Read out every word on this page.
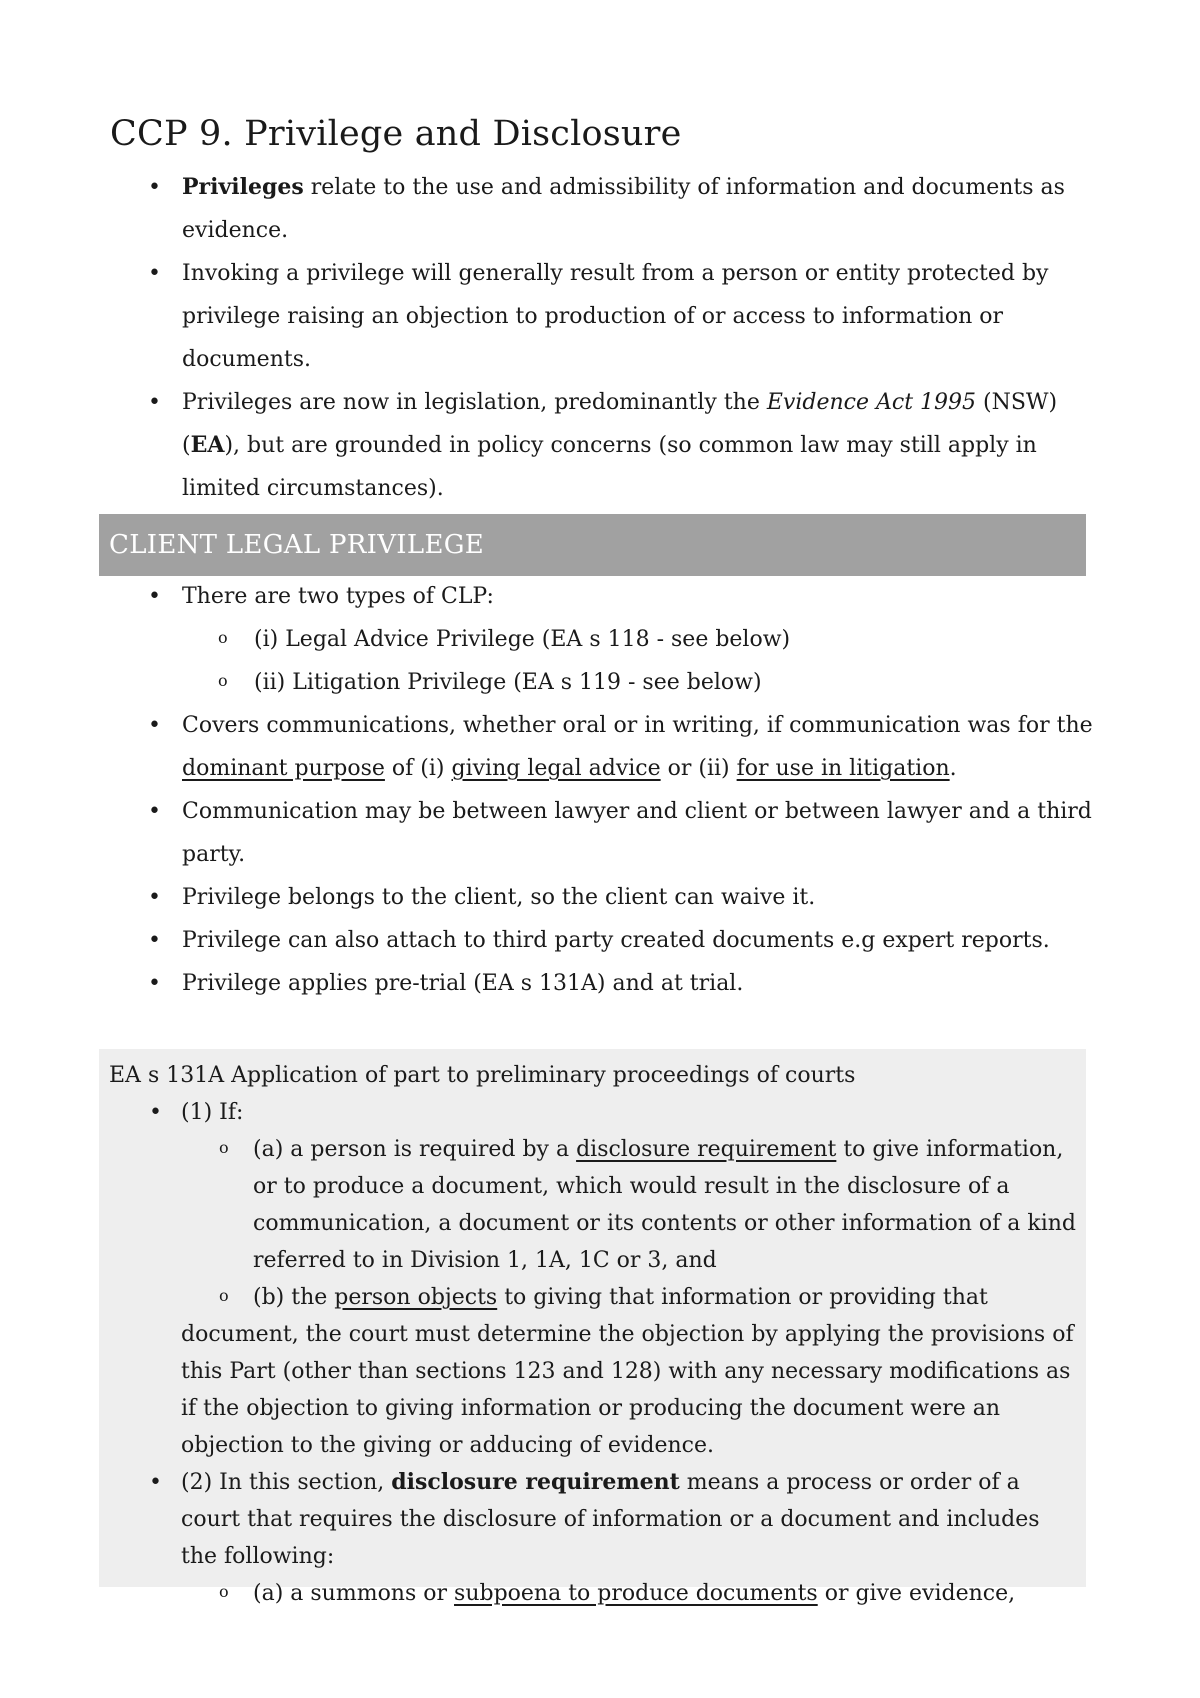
CCP 9. Privilege and Disclosure
• Privileges relate to the use and admissibility of information and documents as evidence.
• Invoking a privilege will generally result from a person or entity protected by privilege raising an objection to production of or access to information or documents.
• Privileges are now in legislation, predominantly the Evidence Act 1995 (NSW) (EA), but are grounded in policy concerns (so common law may still apply in limited circumstances).
CLIENT LEGAL PRIVILEGE
• There are two types of CLP:
o (i) Legal Advice Privilege (EA s 118 - see below)
o (ii) Litigation Privilege (EA s 119 - see below)
• Covers communications, whether oral or in writing, if communication was for the dominant purpose of (i) giving legal advice or (ii) for use in litigation.
• Communication may be between lawyer and client or between lawyer and a third party.
• Privilege belongs to the client, so the client can waive it.
• Privilege can also attach to third party created documents e.g expert reports.
• Privilege applies pre-trial (EA s 131A) and at trial.
EA s 131A Application of part to preliminary proceedings of courts
• (1) If:
o (a) a person is required by a disclosure requirement to give information, or to produce a document, which would result in the disclosure of a communication, a document or its contents or other information of a kind referred to in Division 1, 1A, 1C or 3, and
o (b) the person objects to giving that information or providing that document, the court must determine the objection by applying the provisions of this Part (other than sections 123 and 128) with any necessary modifications as if the objection to giving information or producing the document were an objection to the giving or adducing of evidence.
• (2) In this section, disclosure requirement means a process or order of a court that requires the disclosure of information or a document and includes the following:
o (a) a summons or subpoena to produce documents or give evidence,
